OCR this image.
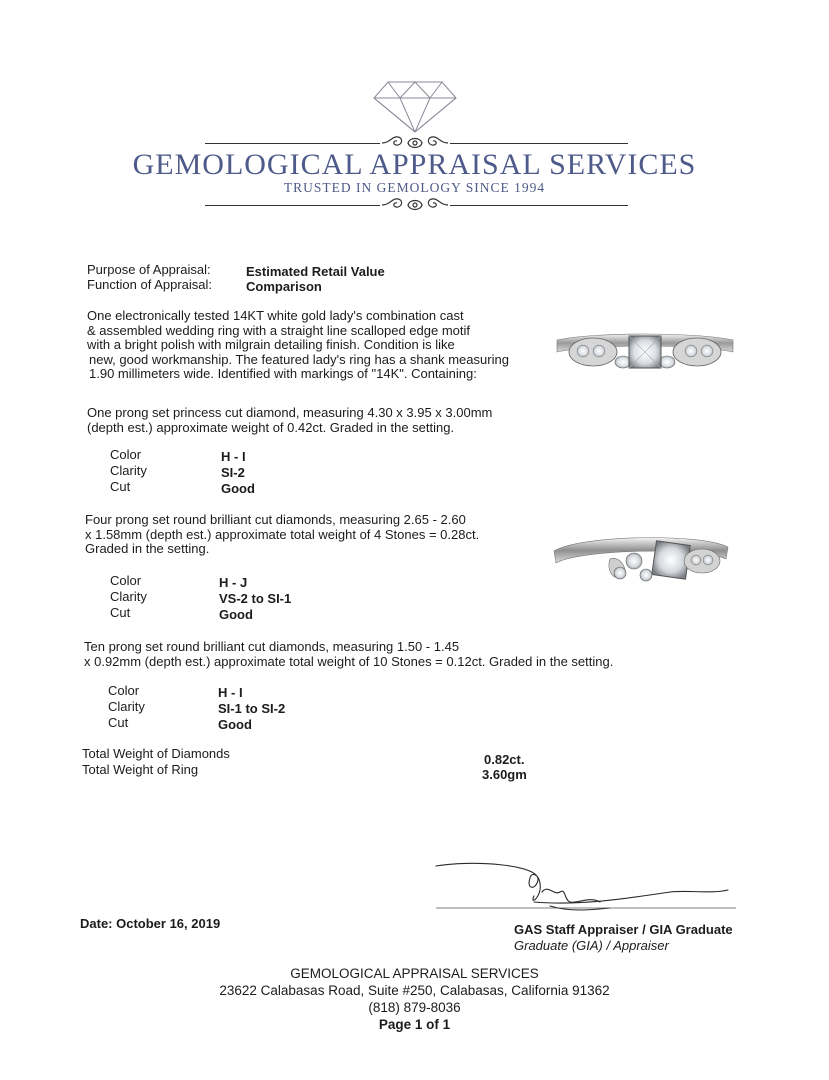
GEMOLOGICAL APPRAISAL SERVICES
TRUSTED IN GEMOLOGY SINCE 1994
Purpose of Appraisal:	Estimated Retail Value
Function of Appraisal:	Comparison
One electronically tested 14KT white gold lady's combination cast
& assembled wedding ring with a straight line scalloped edge motif
with a bright polish with milgrain detailing finish. Condition is like
new, good workmanship. The featured lady's ring has a shank measuring
1.90 millimeters wide. Identified with markings of "14K". Containing:
One prong set princess cut diamond, measuring 4.30 x 3.95 x 3.00mm
(depth est.) approximate weight of 0.42ct. Graded in the setting.
Color	H - I
Clarity	SI-2
Cut	Good
Four prong set round brilliant cut diamonds, measuring 2.65 - 2.60
x 1.58mm (depth est.) approximate total weight of 4 Stones = 0.28ct.
Graded in the setting.
Color	H - J
Clarity	VS-2 to SI-1
Cut	Good
Ten prong set round brilliant cut diamonds, measuring 1.50 - 1.45
x 0.92mm (depth est.) approximate total weight of 10 Stones = 0.12ct. Graded in the setting.
Color	H - I
Clarity	SI-1 to SI-2
Cut	Good
Total Weight of Diamonds	0.82ct.
Total Weight of Ring	3.60gm
Date: October 16, 2019	GAS Staff Appraiser / GIA Graduate
Graduate (GIA) / Appraiser
GEMOLOGICAL APPRAISAL SERVICES
23622 Calabasas Road, Suite #250, Calabasas, California 91362
(818) 879-8036
Page 1 of 1
